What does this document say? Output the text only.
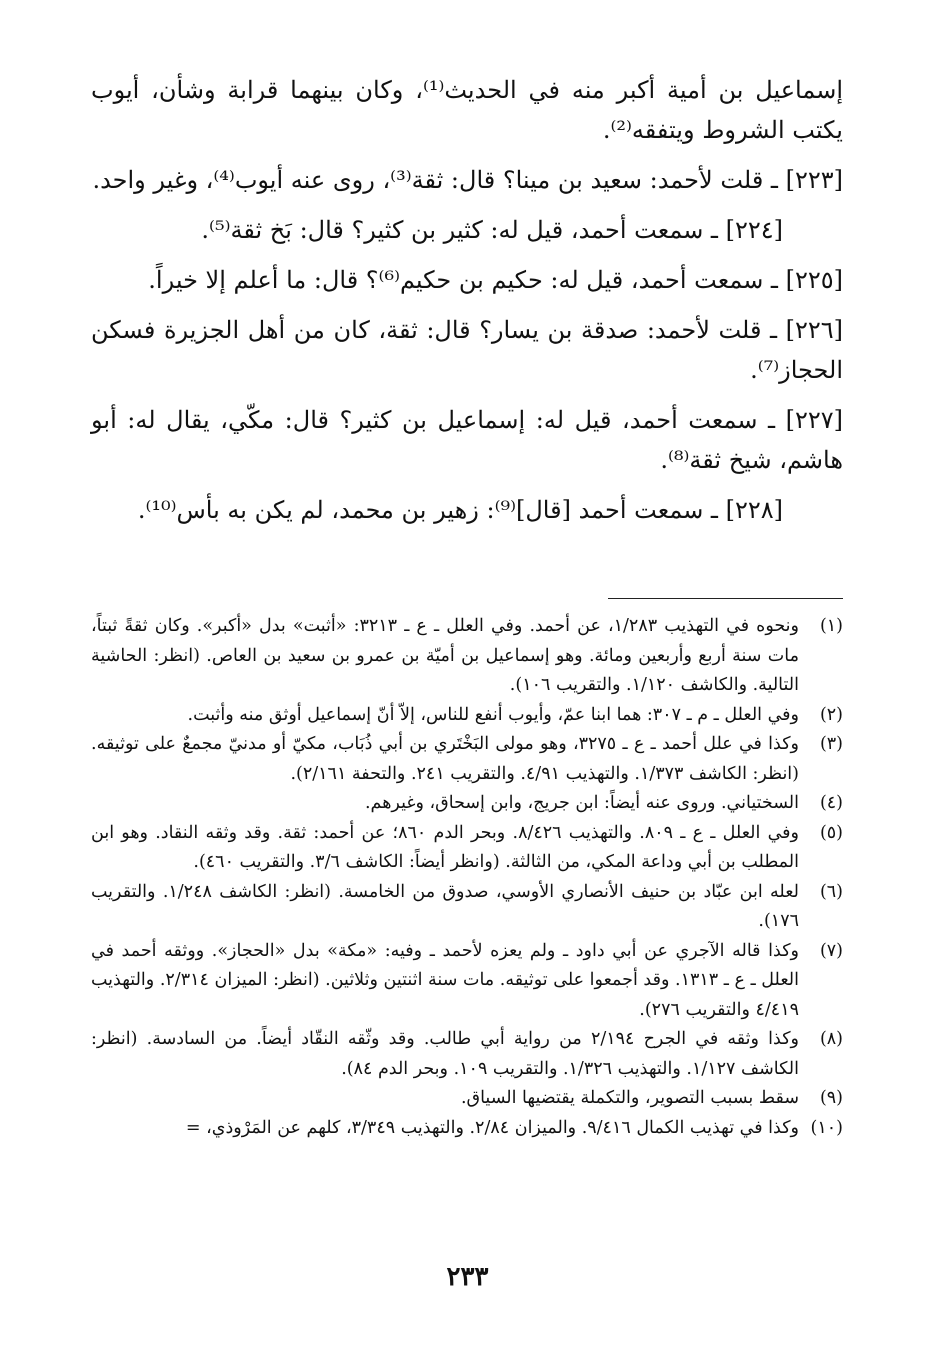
إسماعيل بن أمية أكبر منه في الحديث⁽¹⁾، وكان بينهما قرابة وشأن، أيوب يكتب الشروط ويتفقه⁽²⁾.

[٢٢٣] ـ قلت لأحمد: سعيد بن مينا؟ قال: ثقة⁽³⁾، روى عنه أيوب⁽⁴⁾، وغير واحد.

[٢٢٤] ـ سمعت أحمد، قيل له: كثير بن كثير؟ قال: بَخ ثقة⁽⁵⁾.

[٢٢٥] ـ سمعت أحمد، قيل له: حكيم بن حكيم⁽⁶⁾؟ قال: ما أعلم إلا خيراً.

[٢٢٦] ـ قلت لأحمد: صدقة بن يسار؟ قال: ثقة، كان من أهل الجزيرة فسكن الحجاز⁽⁷⁾.

[٢٢٧] ـ سمعت أحمد، قيل له: إسماعيل بن كثير؟ قال: مكّي، يقال له: أبو هاشم، شيخ ثقة⁽⁸⁾.

[٢٢٨] ـ سمعت أحمد [قال]⁽⁹⁾: زهير بن محمد، لم يكن به بأس⁽¹⁰⁾.

(١)
ونحوه في التهذيب ١/٢٨٣، عن أحمد. وفي العلل ـ ع ـ ٣٢١٣: «أثبت» بدل «أكبر». وكان ثقةً ثبتاً، مات سنة أربع وأربعين ومائة. وهو إسماعيل بن أميّة بن عمرو بن سعيد بن العاص. (انظر: الحاشية التالية. والكاشف ١/١٢٠. والتقريب ١٠٦).
(٢)
وفي العلل ـ م ـ ٣٠٧: هما ابنا عمّ، وأيوب أنفع للناس، إلاّ أنّ إسماعيل أوثق منه وأثبت.
(٣)
وكذا في علل أحمد ـ ع ـ ٣٢٧٥، وهو مولى البَخْتَري بن أبي ذُبَاب، مكيّ أو مدنيّ مجمعٌ على توثيقه. (انظر: الكاشف ١/٣٧٣. والتهذيب ٤/٩١. والتقريب ٢٤١. والتحفة ٢/١٦١).
(٤)
السختياني. وروى عنه أيضاً: ابن جريج، وابن إسحاق، وغيرهم.
(٥)
وفي العلل ـ ع ـ ٨٠٩. والتهذيب ٨/٤٢٦. وبحر الدم ٨٦٠؛ عن أحمد: ثقة. وقد وثقه النقاد. وهو ابن المطلب بن أبي وداعة المكي، من الثالثة. (وانظر أيضاً: الكاشف ٣/٦. والتقريب ٤٦٠).
(٦)
لعله ابن عبّاد بن حنيف الأنصاري الأوسي، صدوق من الخامسة. (انظر: الكاشف ١/٢٤٨. والتقريب ١٧٦).
(٧)
وكذا قاله الآجري عن أبي داود ـ ولم يعزه لأحمد ـ وفيه: «مكة» بدل «الحجاز». ووثقه أحمد في العلل ـ ع ـ ١٣١٣. وقد أجمعوا على توثيقه. مات سنة اثنتين وثلاثين. (انظر: الميزان ٢/٣١٤. والتهذيب ٤/٤١٩ والتقريب ٢٧٦).
(٨)
وكذا وثقه في الجرح ٢/١٩٤ من رواية أبي طالب. وقد وثّقه النقّاد أيضاً. من السادسة. (انظر: الكاشف ١/١٢٧. والتهذيب ١/٣٢٦. والتقريب ١٠٩. وبحر الدم ٨٤).
(٩)
سقط بسبب التصوير، والتكملة يقتضيها السياق.
(١٠)
وكذا في تهذيب الكمال ٩/٤١٦. والميزان ٢/٨٤. والتهذيب ٣/٣٤٩، كلهم عن المَرْوذي، =
٢٣٣
